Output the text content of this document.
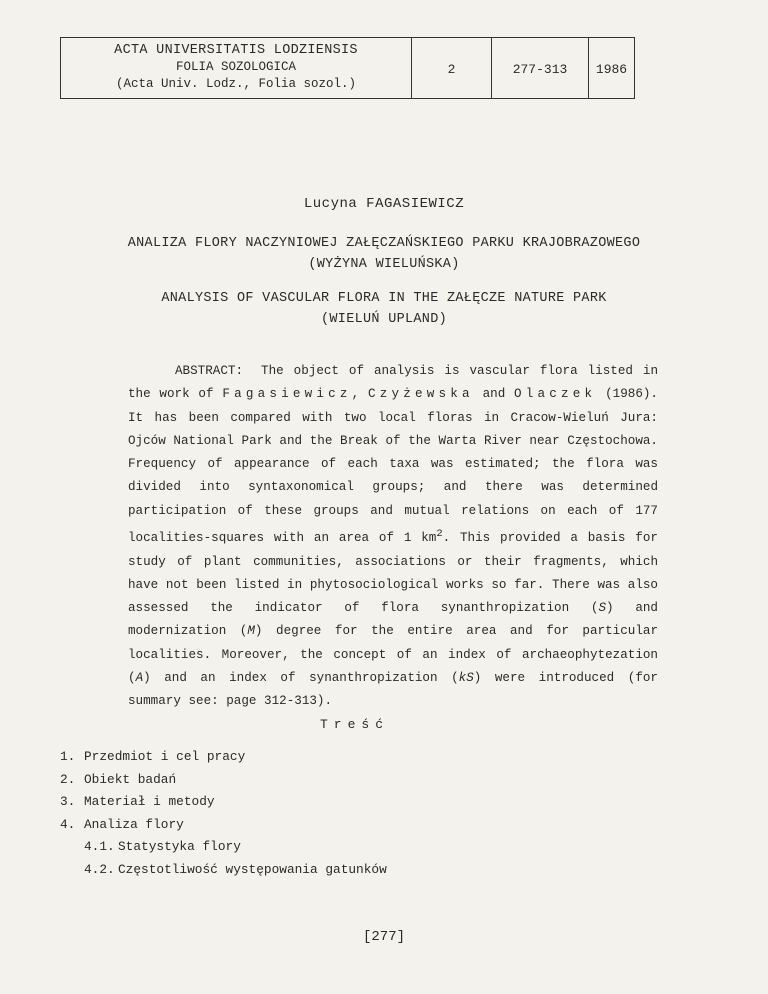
ACTA UNIVERSITATIS LODZIENSIS
FOLIA SOZOLOGICA
(Acta Univ. Lodz., Folia sozol.)
2	277-313	1986
Lucyna FAGASIEWICZ
ANALIZA FLORY NACZYNIOWEJ ZAŁĘCZAŃSKIEGO PARKU KRAJOBRAZOWEGO
(WYŻYNA WIELUŃSKA)
ANALYSIS OF VASCULAR FLORA IN THE ZAŁĘCZE NATURE PARK
(WIELUŃ UPLAND)
ABSTRACT: The object of analysis is vascular flora listed in the work of Fagasiewicz, Czyżewska and Olaczek (1986). It has been compared with two local floras in Cracow-Wieluń Jura: Ojców National Park and the Break of the Warta River near Częstochowa. Frequency of appearance of each taxa was estimated; the flora was divided into syntaxonomical groups; and there was determined participation of these groups and mutual relations on each of 177 localities-squares with an area of 1 $km^2$. This provided a basis for study of plant communities, associations or their fragments, which have not been listed in phytosociological works so far. There was also assessed the indicator of flora synanthropization (S) and modernization (M) degree for the entire area and for particular localities. Moreover, the concept of an index of archaeophytezation (A) and an index of synanthropization (kS) were introduced (for summary see: page 312-313).
Treść
1. Przedmiot i cel pracy
2. Obiekt badań
3. Materiał i metody
4. Analiza flory
4.1. Statystyka flory
4.2. Częstotliwość występowania gatunków
[277]
